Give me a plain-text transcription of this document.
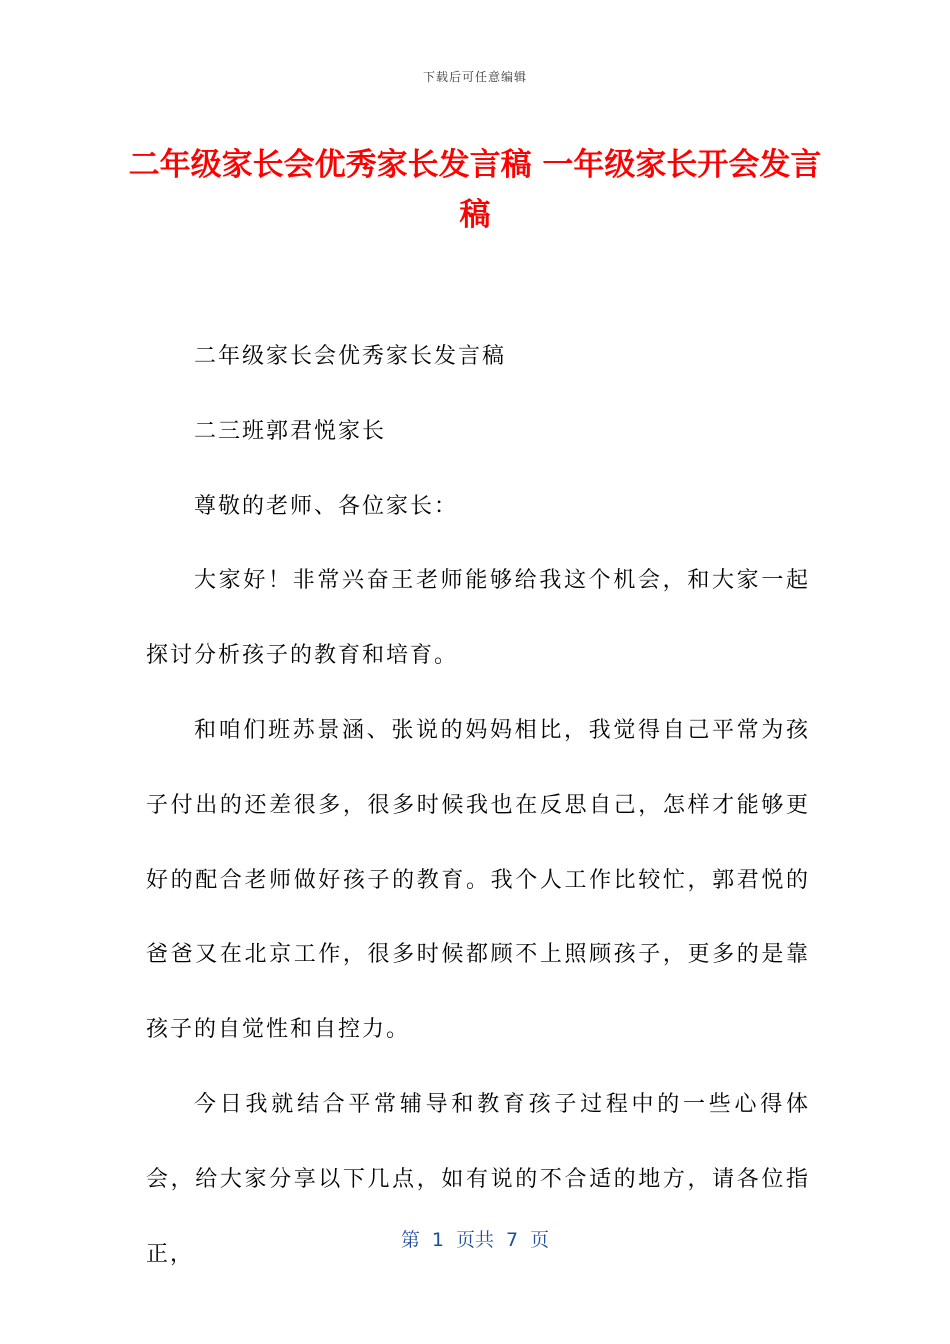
下载后可任意编辑
二年级家长会优秀家长发言稿 一年级家长开会发言稿

二年级家长会优秀家长发言稿

二三班郭君悦家长

尊敬的老师、各位家长：

大家好！非常兴奋王老师能够给我这个机会，和大家一起探讨分析孩子的教育和培育。

和咱们班苏景涵、张说的妈妈相比，我觉得自己平常为孩子付出的还差很多，很多时候我也在反思自己，怎样才能够更好的配合老师做好孩子的教育。我个人工作比较忙，郭君悦的爸爸又在北京工作，很多时候都顾不上照顾孩子，更多的是靠孩子的自觉性和自控力。

今日我就结合平常辅导和教育孩子过程中的一些心得体会，给大家分享以下几点，如有说的不合适的地方，请各位指正，

第 1 页共 7 页
